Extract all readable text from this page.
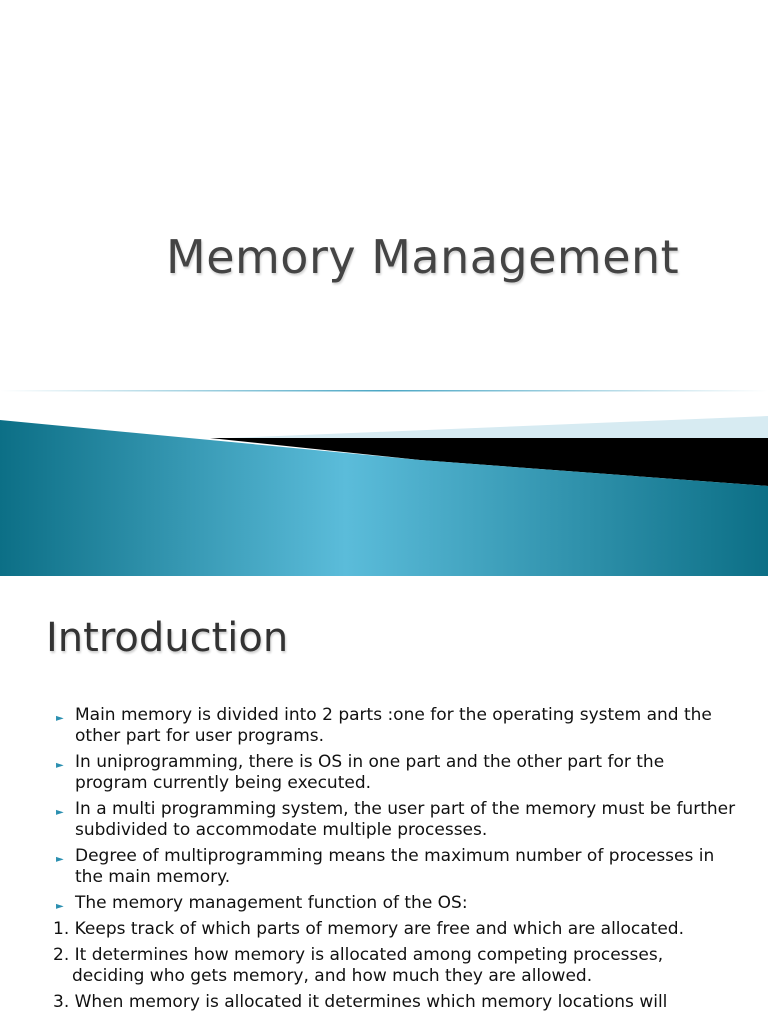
Memory Management
Introduction
► Main memory is divided into 2 parts :one for the operating system and the other part for user programs.
► In uniprogramming, there is OS in one part and the other part for the program currently being executed.
► In a multi programming system, the user part of the memory must be further subdivided to accommodate multiple processes.
► Degree of multiprogramming means the maximum number of processes in the main memory.
► The memory management function of the OS:
1. Keeps track of which parts of memory are free and which are allocated.
2. It determines how memory is allocated among competing processes, deciding who gets memory, and how much they are allowed.
3. When memory is allocated it determines which memory locations will
